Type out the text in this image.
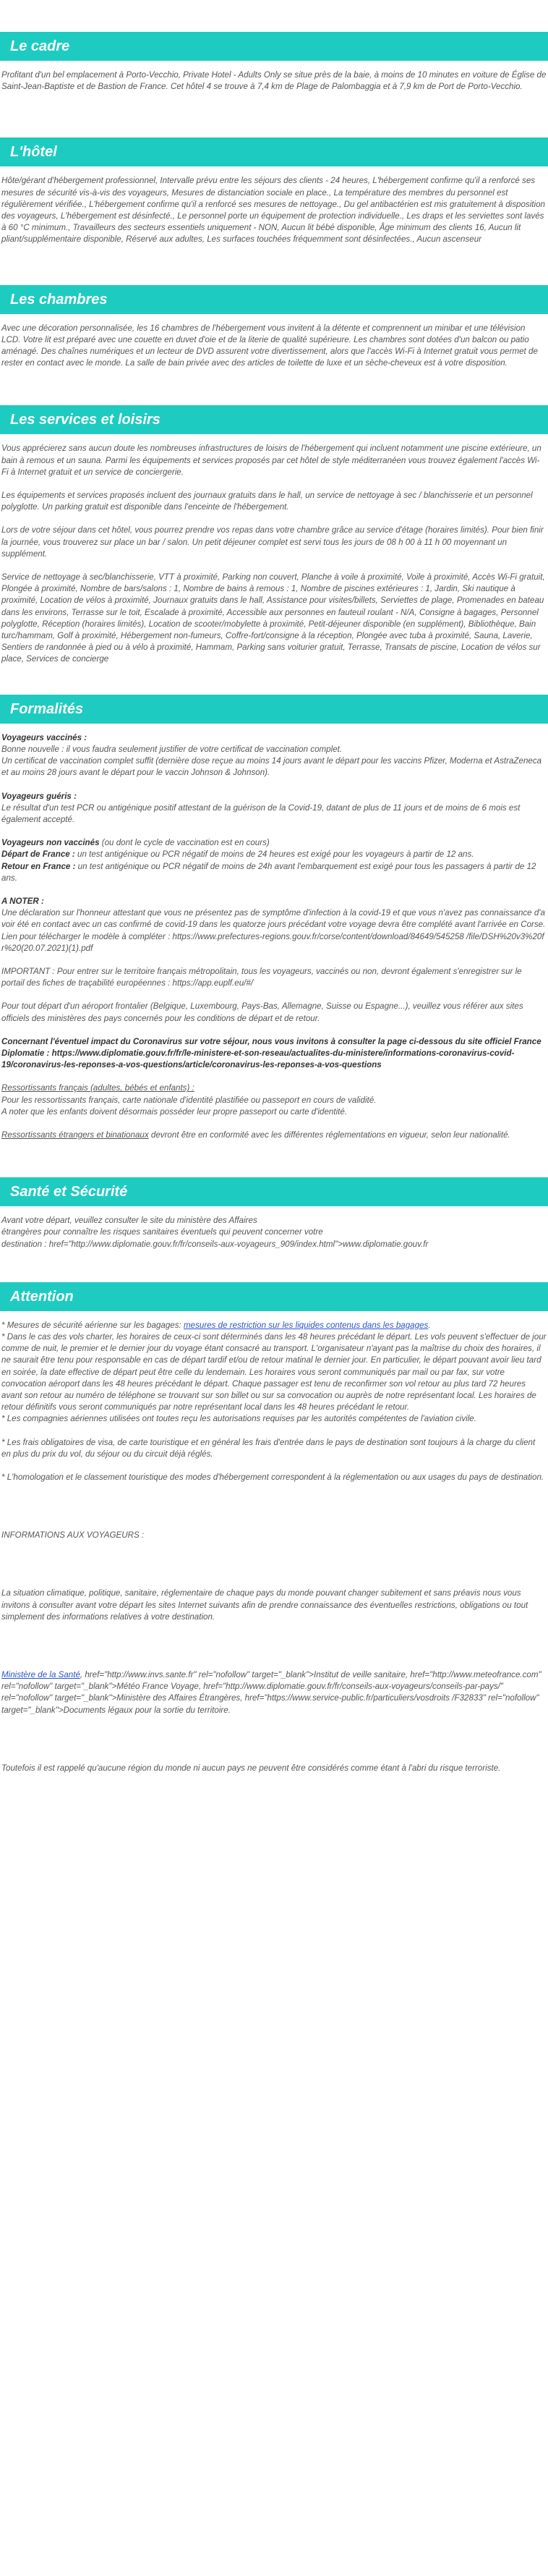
Le cadre

Profitant d'un bel emplacement à Porto-Vecchio, Private Hotel - Adults Only se situe près de la baie, à moins de 10 minutes en voiture de Église de Saint-Jean-Baptiste et de Bastion de France. Cet hôtel 4 se trouve à 7,4 km de Plage de Palombaggia et à 7,9 km de Port de Porto-Vecchio.

L'hôtel

Hôte/gérant d'hébergement professionnel, Intervalle prévu entre les séjours des clients - 24 heures, L'hébergement confirme qu'il a renforcé ses mesures de sécurité vis-à-vis des voyageurs, Mesures de distanciation sociale en place., La température des membres du personnel est régulièrement vérifiée., L'hébergement confirme qu'il a renforcé ses mesures de nettoyage., Du gel antibactérien est mis gratuitement à disposition des voyageurs, L'hébergement est désinfecté., Le personnel porte un équipement de protection individuelle., Les draps et les serviettes sont lavés à 60 °C minimum., Travailleurs des secteurs essentiels uniquement - NON, Aucun lit bébé disponible, Âge minimum des clients 16, Aucun lit pliant/supplémentaire disponible, Réservé aux adultes, Les surfaces touchées fréquemment sont désinfectées., Aucun ascenseur

Les chambres

Avec une décoration personnalisée, les 16 chambres de l'hébergement vous invitent à la détente et comprennent un minibar et une télévision LCD. Votre lit est préparé avec une couette en duvet d'oie et de la literie de qualité supérieure. Les chambres sont dotées d'un balcon ou patio aménagé. Des chaînes numériques et un lecteur de DVD assurent votre divertissement, alors que l'accès Wi-Fi à Internet gratuit vous permet de rester en contact avec le monde. La salle de bain privée avec des articles de toilette de luxe et un sèche-cheveux est à votre disposition.

Les services et loisirs

Vous apprécierez sans aucun doute les nombreuses infrastructures de loisirs de l'hébergement qui incluent notamment une piscine extérieure, un bain à remous et un sauna. Parmi les équipements et services proposés par cet hôtel de style méditerranéen vous trouvez également l'accès Wi-Fi à Internet gratuit et un service de conciergerie.

Les équipements et services proposés incluent des journaux gratuits dans le hall, un service de nettoyage à sec / blanchisserie et un personnel polyglotte. Un parking gratuit est disponible dans l'enceinte de l'hébergement.

Lors de votre séjour dans cet hôtel, vous pourrez prendre vos repas dans votre chambre grâce au service d'étage (horaires limités). Pour bien finir la journée, vous trouverez sur place un bar / salon. Un petit déjeuner complet est servi tous les jours de 08 h 00 à 11 h 00 moyennant un supplément.

Service de nettoyage à sec/blanchisserie, VTT à proximité, Parking non couvert, Planche à voile à proximité, Voile à proximité, Accès Wi-Fi gratuit, Plongée à proximité, Nombre de bars/salons : 1, Nombre de bains à remous : 1, Nombre de piscines extérieures : 1, Jardin, Ski nautique à proximité, Location de vélos à proximité, Journaux gratuits dans le hall, Assistance pour visites/billets, Serviettes de plage, Promenades en bateau dans les environs, Terrasse sur le toit, Escalade à proximité, Accessible aux personnes en fauteuil roulant - N/A, Consigne à bagages, Personnel polyglotte, Réception (horaires limités), Location de scooter/mobylette à proximité, Petit-déjeuner disponible (en supplément), Bibliothèque, Bain turc/hammam, Golf à proximité, Hébergement non-fumeurs, Coffre-fort/consigne à la réception, Plongée avec tuba à proximité, Sauna, Laverie, Sentiers de randonnée à pied ou à vélo à proximité, Hammam, Parking sans voiturier gratuit, Terrasse, Transats de piscine, Location de vélos sur place, Services de concierge

Formalités

Voyageurs vaccinés :

Bonne nouvelle : il vous faudra seulement justifier de votre certificat de vaccination complet.

Un certificat de vaccination complet suffit (dernière dose reçue au moins 14 jours avant le départ pour les vaccins Pfizer, Moderna et AstraZeneca et au moins 28 jours avant le départ pour le vaccin Johnson & Johnson).

Voyageurs guéris :

Le résultat d'un test PCR ou antigénique positif attestant de la guérison de la Covid-19, datant de plus de 11 jours et de moins de 6 mois est également accepté.

Voyageurs non vaccinés (ou dont le cycle de vaccination est en cours)

Départ de France : un test antigénique ou PCR négatif de moins de 24 heures est exigé pour les voyageurs à partir de 12 ans.

Retour en France : un test antigénique ou PCR négatif de moins de 24h avant l'embarquement est exigé pour tous les passagers à partir de 12 ans.

A NOTER :

Une déclaration sur l'honneur attestant que vous ne présentez pas de symptôme d'infection à la covid-19 et que vous n'avez pas connaissance d'avoir été en contact avec un cas confirmé de covid-19 dans les quatorze jours précédant votre voyage devra être complété avant l'arrivée en Corse. Lien pour télécharger le modèle à compléter : https://www.prefectures-regions.gouv.fr/corse/content/download/84649/545258 /file/DSH%20v3%20fr%20(20.07.2021)(1).pdf

IMPORTANT : Pour entrer sur le territoire français métropolitain, tous les voyageurs, vaccinés ou non, devront également s'enregistrer sur le portail des fiches de traçabilité européennes : https://app.euplf.eu/#/

Pour tout départ d'un aéroport frontalier (Belgique, Luxembourg, Pays-Bas, Allemagne, Suisse ou Espagne...), veuillez vous référer aux sites officiels des ministères des pays concernés pour les conditions de départ et de retour.

Concernant l'éventuel impact du Coronavirus sur votre séjour, nous vous invitons à consulter la page ci-dessous du site officiel France Diplomatie : https://www.diplomatie.gouv.fr/fr/le-ministere-et-son-reseau/actualites-du-ministere/informations-coronavirus-covid-19/coronavirus-les-reponses-a-vos-questions/article/coronavirus-les-reponses-a-vos-questions

Ressortissants français (adultes, bébés et enfants) :

Pour les ressortissants français, carte nationale d'identité plastifiée ou passeport en cours de validité.

A noter que les enfants doivent désormais posséder leur propre passeport ou carte d'identité.

Ressortissants étrangers et binationaux devront être en conformité avec les différentes réglementations en vigueur, selon leur nationalité.

Santé et Sécurité

Avant votre départ, veuillez consulter le site du ministère des Affaires

étrangères pour connaître les risques sanitaires éventuels qui peuvent concerner votre

destination : href="http://www.diplomatie.gouv.fr/fr/conseils-aux-voyageurs_909/index.html">www.diplomatie.gouv.fr

Attention

* Mesures de sécurité aérienne sur les bagages: mesures de restriction sur les liquides contenus dans les bagages.

* Dans le cas des vols charter, les horaires de ceux-ci sont déterminés dans les 48 heures précédant le départ. Les vols peuvent s'effectuer de jour comme de nuit, le premier et le dernier jour du voyage étant consacré au transport. L'organisateur n'ayant pas la maîtrise du choix des horaires, il ne saurait être tenu pour responsable en cas de départ tardif et/ou de retour matinal le dernier jour. En particulier, le départ pouvant avoir lieu tard en soirée, la date effective de départ peut être celle du lendemain. Les horaires vous seront communiqués par mail ou par fax, sur votre convocation aéroport dans les 48 heures précédant le départ. Chaque passager est tenu de reconfirmer son vol retour au plus tard 72 heures avant son retour au numéro de téléphone se trouvant sur son billet ou sur sa convocation ou auprès de notre représentant local. Les horaires de retour définitifs vous seront communiqués par notre représentant local dans les 48 heures précédant le retour.

* Les compagnies aériennes utilisées ont toutes reçu les autorisations requises par les autorités compétentes de l'aviation civile.

* Les frais obligatoires de visa, de carte touristique et en général les frais d'entrée dans le pays de destination sont toujours à la charge du client en plus du prix du vol, du séjour ou du circuit déjà réglés.

* L'homologation et le classement touristique des modes d'hébergement correspondent à la réglementation ou aux usages du pays de destination.

INFORMATIONS AUX VOYAGEURS :

La situation climatique, politique, sanitaire, réglementaire de chaque pays du monde pouvant changer subitement et sans préavis nous vous invitons à consulter avant votre départ les sites Internet suivants afin de prendre connaissance des éventuelles restrictions, obligations ou tout simplement des informations relatives à votre destination.

Ministère de la Santé, href="http://www.invs.sante.fr" rel="nofollow" target="_blank">Institut de veille sanitaire, href="http://www.meteofrance.com" rel="nofollow" target="_blank">Météo France Voyage, href="http://www.diplomatie.gouv.fr/fr/conseils-aux-voyageurs/conseils-par-pays/" rel="nofollow" target="_blank">Ministère des Affaires Étrangères, href="https://www.service-public.fr/particuliers/vosdroits /F32833" rel="nofollow" target="_blank">Documents légaux pour la sortie du territoire.

Toutefois il est rappelé qu'aucune région du monde ni aucun pays ne peuvent être considérés comme étant à l'abri du risque terroriste.
